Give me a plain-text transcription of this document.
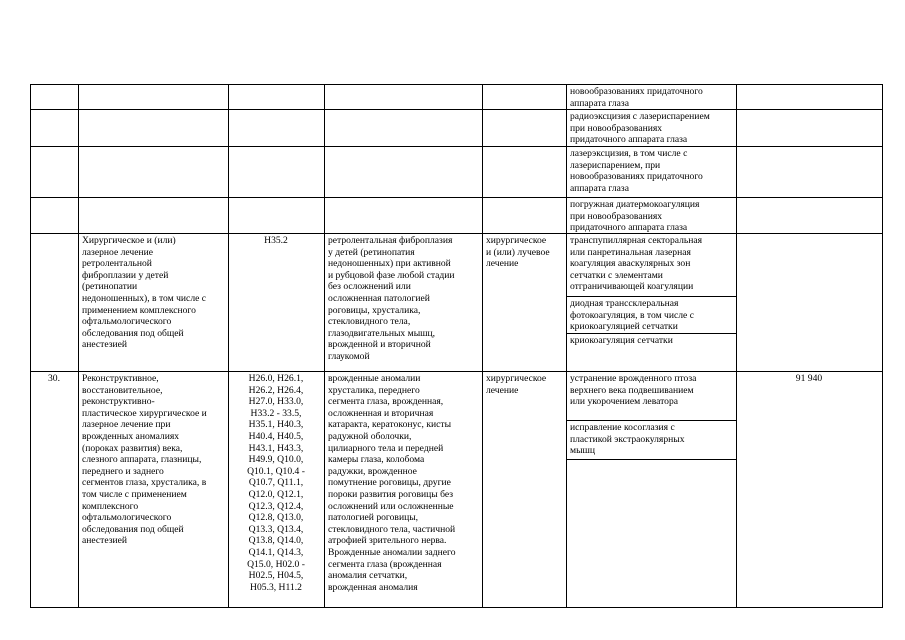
новообразованиях придаточного
аппарата глаза
радиоэксцизия с лазериспарением
при новообразованиях
придаточного аппарата глаза
лазерэксцизия, в том числе с
лазериспарением, при
новообразованиях придаточного
аппарата глаза
погружная диатермокоагуляция
при новообразованиях
придаточного аппарата глаза
Хирургическое и (или)
лазерное лечение
ретролентальной
фиброплазии у детей
(ретинопатии
недоношенных), в том числе с
применением комплексного
офтальмологического
обследования под общей
анестезией
H35.2	ретролентальная фиброплазия
у детей (ретинопатия
недоношенных) при активной
и рубцовой фазе любой стадии
без осложнений или
осложненная патологией
роговицы, хрусталика,
стекловидного тела,
глазодвигательных мышц,
врожденной и вторичной
глаукомой
хирургическое
и (или) лучевое
лечение
транспупиллярная секторальная
или панретинальная лазерная
коагуляция аваскулярных зон
сетчатки с элементами
отграничивающей коагуляции
диодная транссклеральная
фотокоагуляция, в том числе с
криокоагуляцией сетчатки
криокоагуляция сетчатки
30.	Реконструктивное,
восстановительное,
реконструктивно-
пластическое хирургическое и
лазерное лечение при
врожденных аномалиях
(пороках развития) века,
слезного аппарата, глазницы,
переднего и заднего
сегментов глаза, хрусталика, в
том числе с применением
комплексного
офтальмологического
обследования под общей
анестезией
H26.0, H26.1,
H26.2, H26.4,
H27.0, H33.0,
H33.2 - 33.5,
H35.1, H40.3,
H40.4, H40.5,
H43.1, H43.3,
H49.9, Q10.0,
Q10.1, Q10.4 -
Q10.7, Q11.1,
Q12.0, Q12.1,
Q12.3, Q12.4,
Q12.8, Q13.0,
Q13.3, Q13.4,
Q13.8, Q14.0,
Q14.1, Q14.3,
Q15.0, H02.0 -
H02.5, H04.5,
H05.3, H11.2
врожденные аномалии
хрусталика, переднего
сегмента глаза, врожденная,
осложненная и вторичная
катаракта, кератоконус, кисты
радужной оболочки,
цилиарного тела и передней
камеры глаза, колобома
радужки, врожденное
помутнение роговицы, другие
пороки развития роговицы без
осложнений или осложненные
патологией роговицы,
стекловидного тела, частичной
атрофией зрительного нерва.
Врожденные аномалии заднего
сегмента глаза (врожденная
аномалия сетчатки,
врожденная аномалия
хирургическое
лечение
устранение врожденного птоза
верхнего века подвешиванием
или укорочением леватора
исправление косоглазия с
пластикой экстраокулярных
мышц
91 940
